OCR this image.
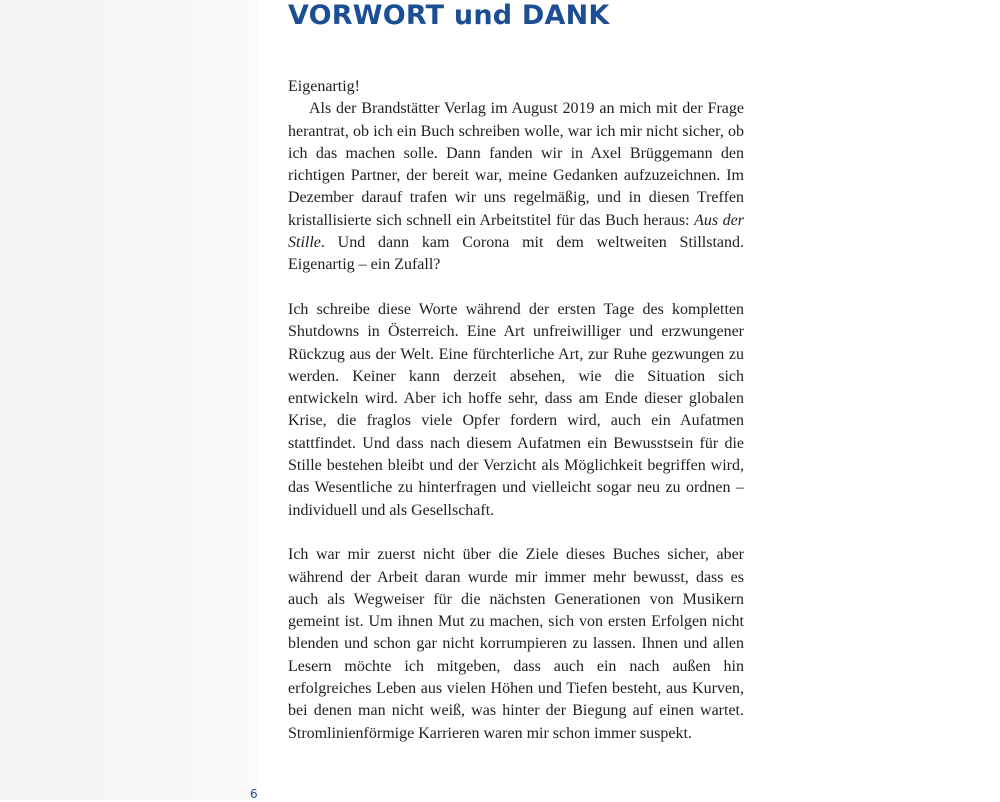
VORWORT und DANK

Eigenartig!

Als der Brandstätter Verlag im August 2019 an mich mit der Frage herantrat, ob ich ein Buch schreiben wolle, war ich mir nicht sicher, ob ich das machen solle. Dann fanden wir in Axel Brüggemann den richtigen Partner, der bereit war, meine Gedanken aufzuzeichnen. Im Dezember darauf trafen wir uns regelmäßig, und in diesen Treffen kristallisierte sich schnell ein Arbeitstitel für das Buch heraus: Aus der Stille. Und dann kam Corona mit dem weltweiten Stillstand. Eigenartig – ein Zufall?

Ich schreibe diese Worte während der ersten Tage des kompletten Shutdowns in Österreich. Eine Art unfreiwilliger und erzwungener Rückzug aus der Welt. Eine fürchterliche Art, zur Ruhe gezwungen zu werden. Keiner kann derzeit absehen, wie die Situation sich entwickeln wird. Aber ich hoffe sehr, dass am Ende dieser globalen Krise, die fraglos viele Opfer fordern wird, auch ein Aufatmen stattfindet. Und dass nach diesem Aufatmen ein Bewusstsein für die Stille bestehen bleibt und der Verzicht als Möglichkeit begriffen wird, das Wesentliche zu hinterfragen und vielleicht sogar neu zu ordnen – individuell und als Gesellschaft.

Ich war mir zuerst nicht über die Ziele dieses Buches sicher, aber während der Arbeit daran wurde mir immer mehr bewusst, dass es auch als Wegweiser für die nächsten Generationen von Musikern gemeint ist. Um ihnen Mut zu machen, sich von ersten Erfolgen nicht blenden und schon gar nicht korrumpieren zu lassen. Ihnen und allen Lesern möchte ich mitgeben, dass auch ein nach außen hin erfolgreiches Leben aus vielen Höhen und Tiefen besteht, aus Kurven, bei denen man nicht weiß, was hinter der Biegung auf einen wartet. Stromlinienförmige Karrieren waren mir schon immer suspekt.

6
